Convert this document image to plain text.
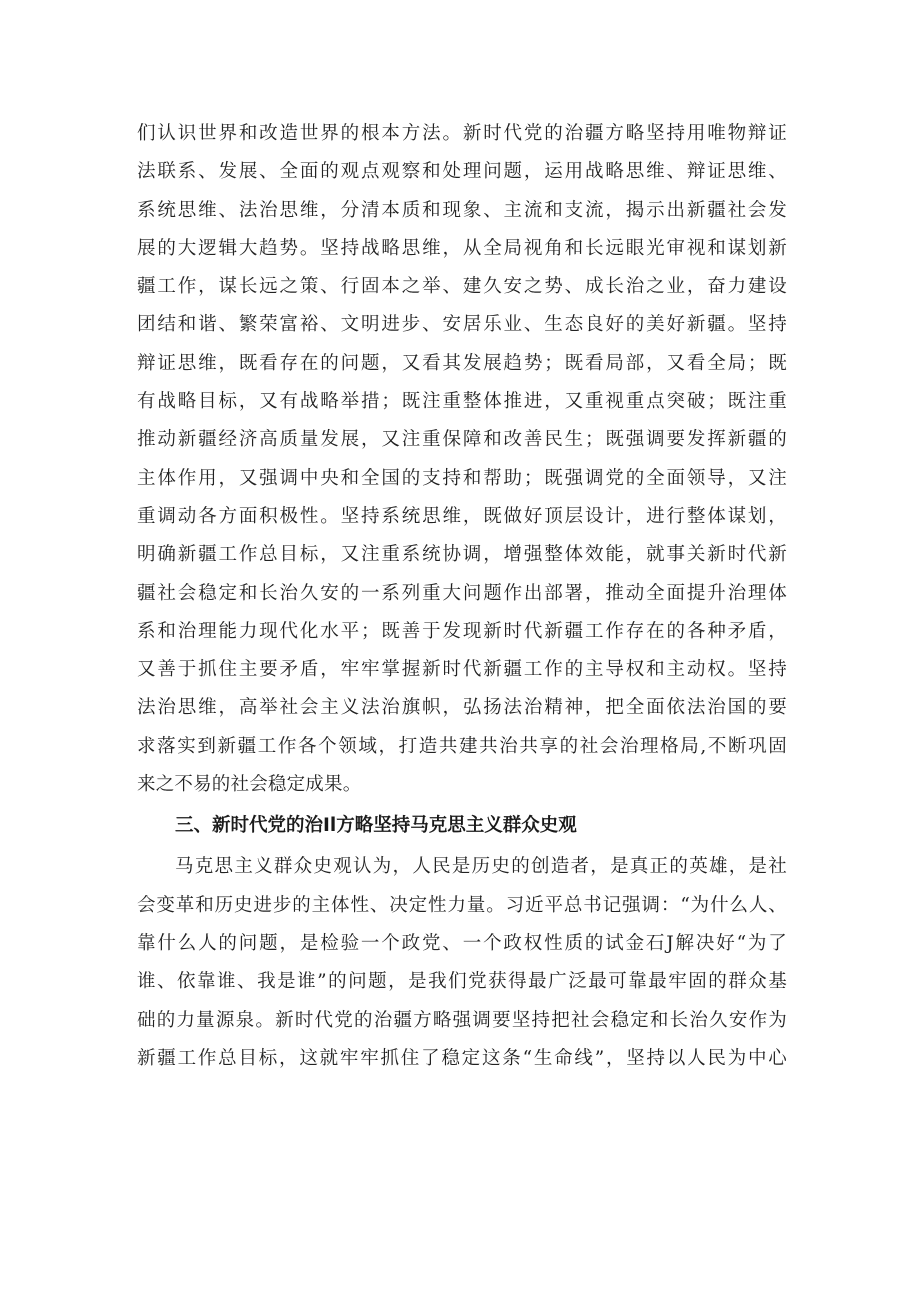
们认识世界和改造世界的根本方法。新时代党的治疆方略坚持用唯物辩证
法联系、发展、全面的观点观察和处理问题，运用战略思维、辩证思维、
系统思维、法治思维，分清本质和现象、主流和支流，揭示出新疆社会发
展的大逻辑大趋势。坚持战略思维，从全局视角和长远眼光审视和谋划新
疆工作，谋长远之策、行固本之举、建久安之势、成长治之业，奋力建设
团结和谐、繁荣富裕、文明进步、安居乐业、生态良好的美好新疆。坚持
辩证思维，既看存在的问题，又看其发展趋势；既看局部，又看全局；既
有战略目标，又有战略举措；既注重整体推进，又重视重点突破；既注重
推动新疆经济高质量发展，又注重保障和改善民生；既强调要发挥新疆的
主体作用，又强调中央和全国的支持和帮助；既强调党的全面领导，又注
重调动各方面积极性。坚持系统思维，既做好顶层设计，进行整体谋划，
明确新疆工作总目标，又注重系统协调，增强整体效能，就事关新时代新
疆社会稳定和长治久安的一系列重大问题作出部署，推动全面提升治理体
系和治理能力现代化水平；既善于发现新时代新疆工作存在的各种矛盾，
又善于抓住主要矛盾，牢牢掌握新时代新疆工作的主导权和主动权。坚持
法治思维，高举社会主义法治旗帜，弘扬法治精神，把全面依法治国的要
求落实到新疆工作各个领域，打造共建共治共享的社会治理格局,不断巩固
来之不易的社会稳定成果。
三、新时代党的治Il方略坚持马克思主义群众史观
马克思主义群众史观认为，人民是历史的创造者，是真正的英雄，是社
会变革和历史进步的主体性、决定性力量。习近平总书记强调：“为什么人、
靠什么人的问题，是检验一个政党、一个政权性质的试金石J解决好“为了
谁、依靠谁、我是谁”的问题，是我们党获得最广泛最可靠最牢固的群众基
础的力量源泉。新时代党的治疆方略强调要坚持把社会稳定和长治久安作为
新疆工作总目标，这就牢牢抓住了稳定这条“生命线”，坚持以人民为中心
